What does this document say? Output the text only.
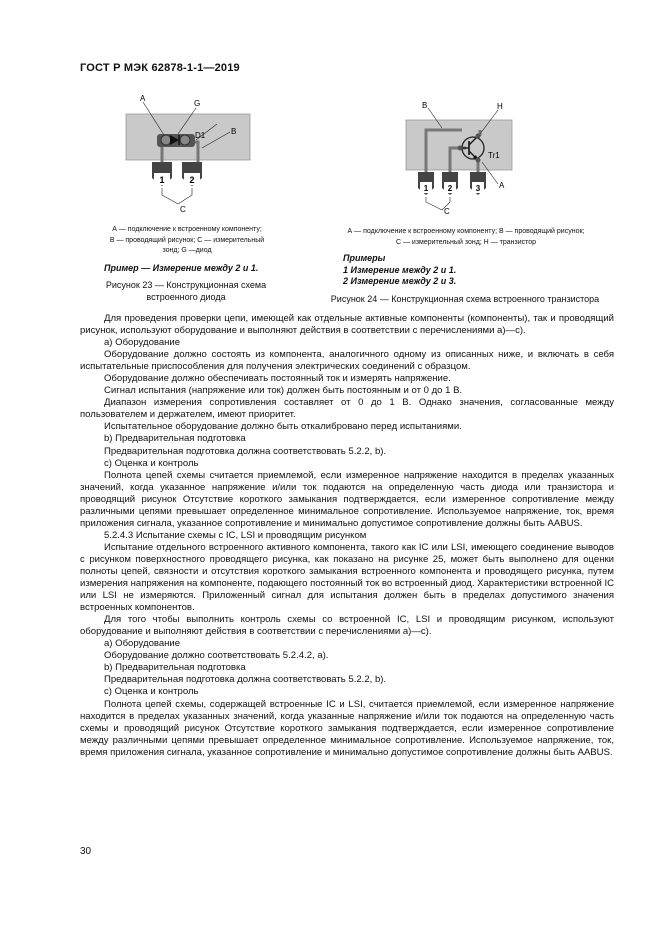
ГОСТ Р МЭК 62878-1-1—2019
1	2
A
G
D1	B
C
А — подключение к встроенному компоненту;
В — проводящий рисунок; С — измерительный
зонд; G —диод
Пример — Измерение между 2 и 1.
Рисунок 23 — Конструкционная схема
встроенного диода
1 2	3
B	H
Tr1
A
C
А — подключение к встроенному компоненту; В — проводящий рисунок;
С — измерительный зонд; Н — транзистор
Примеры
1 Измерение между 2 и 1.
2 Измерение между 2 и 3.
Рисунок 24 — Конструкционная схема встроенного транзистора

Для проведения проверки цепи, имеющей как отдельные активные компоненты (компоненты), так и проводящий рисунок, используют оборудование и выполняют действия в соответствии с перечислениями а)—с).

а) Оборудование

Оборудование должно состоять из компонента, аналогичного одному из описанных ниже, и включать в себя испытательные приспособления для получения электрических соединений с образцом.

Оборудование должно обеспечивать постоянный ток и измерять напряжение.

Сигнал испытания (напряжение или ток) должен быть постоянным и от 0 до 1 В.

Диапазон измерения сопротивления составляет от 0 до 1 В. Однако значения, согласованные между пользователем и держателем, имеют приоритет.

Испытательное оборудование должно быть откалибровано перед испытаниями.

b) Предварительная подготовка

Предварительная подготовка должна соответствовать 5.2.2, b).

c) Оценка и контроль

Полнота цепей схемы считается приемлемой, если измеренное напряжение находится в пределах указанных значений, когда указанное напряжение и/или ток подаются на определенную часть диода или транзистора и проводящий рисунок Отсутствие короткого замыкания подтверждается, если измеренное сопротивление между различными цепями превышает определенное минимальное сопротивление. Используемое напряжение, ток, время приложения сигнала, указанное сопротивление и минимально допустимое сопротивление должны быть AABUS.

5.2.4.3 Испытание схемы с IC, LSI и проводящим рисунком

Испытание отдельного встроенного активного компонента, такого как IC или LSI, имеющего соединение выводов с рисунком поверхностного проводящего рисунка, как показано на рисунке 25, может быть выполнено для оценки полноты цепей, связности и отсутствия короткого замыкания встроенного компонента и проводящего рисунка, путем измерения напряжения на компоненте, подающего постоянный ток во встроенный диод. Характеристики встроенной IC или LSI не измеряются. Приложенный сигнал для испытания должен быть в пределах допустимого значения встроенных компонентов.

Для того чтобы выполнить контроль схемы со встроенной IC, LSI и проводящим рисунком, используют оборудование и выполняют действия в соответствии с перечислениями а)—с).

а) Оборудование

Оборудование должно соответствовать 5.2.4.2, а).

b) Предварительная подготовка

Предварительная подготовка должна соответствовать 5.2.2, b).

c) Оценка и контроль

Полнота цепей схемы, содержащей встроенные IC и LSI, считается приемлемой, если измеренное напряжение находится в пределах указанных значений, когда указанные напряжение и/или ток подаются на определенную часть схемы и проводящий рисунок Отсутствие короткого замыкания подтверждается, если измеренное сопротивление между различными цепями превышает определенное минимальное сопротивление. Используемое напряжение, ток, время приложения сигнала, указанное сопротивление и минимально допустимое сопротивление должны быть AABUS.

30
